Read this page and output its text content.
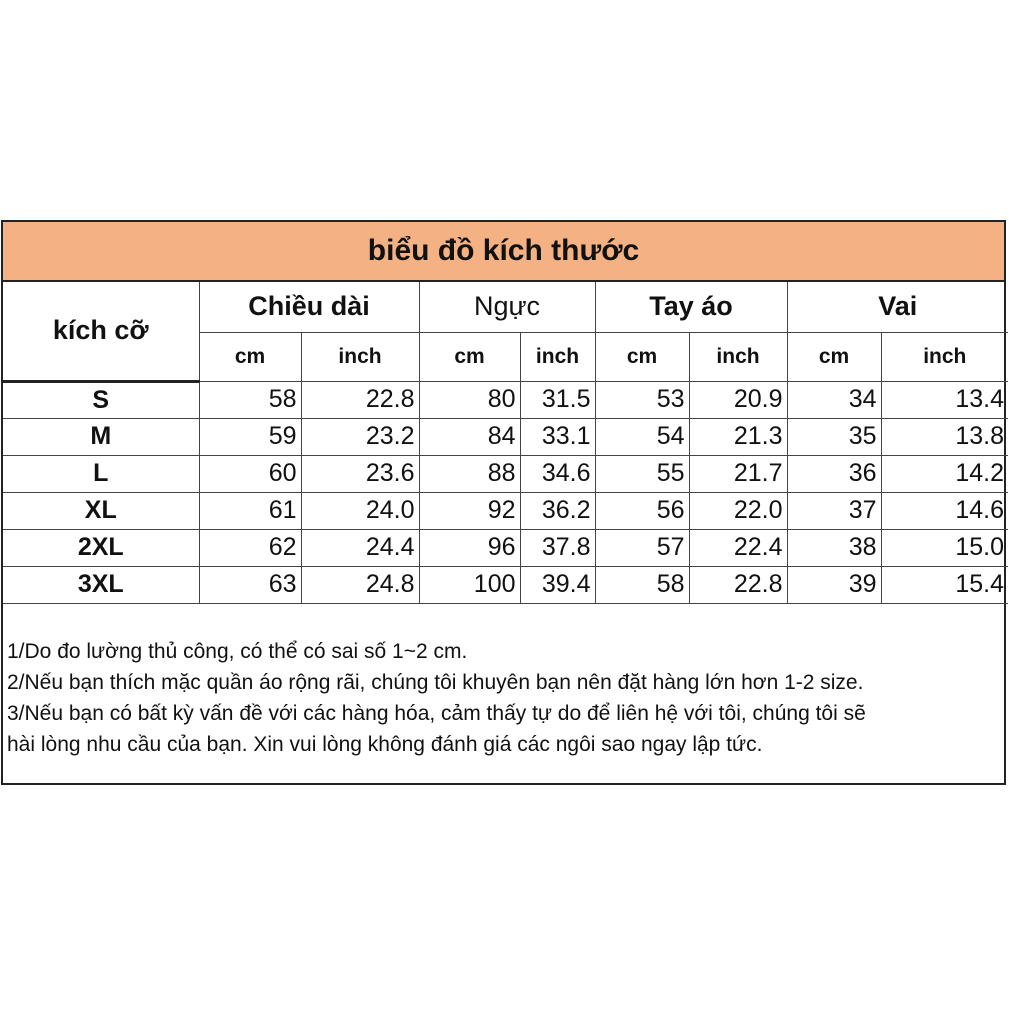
biểu đồ kích thước
kích cỡ	Chiều dài		Ngực		Tay áo		Vai	
	cm	inch	cm	inch	cm	inch	cm	inch
S	58	22.8	80	31.5	53	20.9	34	13.4
M	59	23.2	84	33.1	54	21.3	35	13.8
L	60	23.6	88	34.6	55	21.7	36	14.2
XL	61	24.0	92	36.2	56	22.0	37	14.6
2XL	62	24.4	96	37.8	57	22.4	38	15.0
3XL	63	24.8	100	39.4	58	22.8	39	15.4
1/Do đo lường thủ công, có thể có sai số 1~2 cm.
2/Nếu bạn thích mặc quần áo rộng rãi, chúng tôi khuyên bạn nên đặt hàng lớn hơn 1-2 size.
3/Nếu bạn có bất kỳ vấn đề với các hàng hóa, cảm thấy tự do để liên hệ với tôi, chúng tôi sẽ
hài lòng nhu cầu của bạn. Xin vui lòng không đánh giá các ngôi sao ngay lập tức.
